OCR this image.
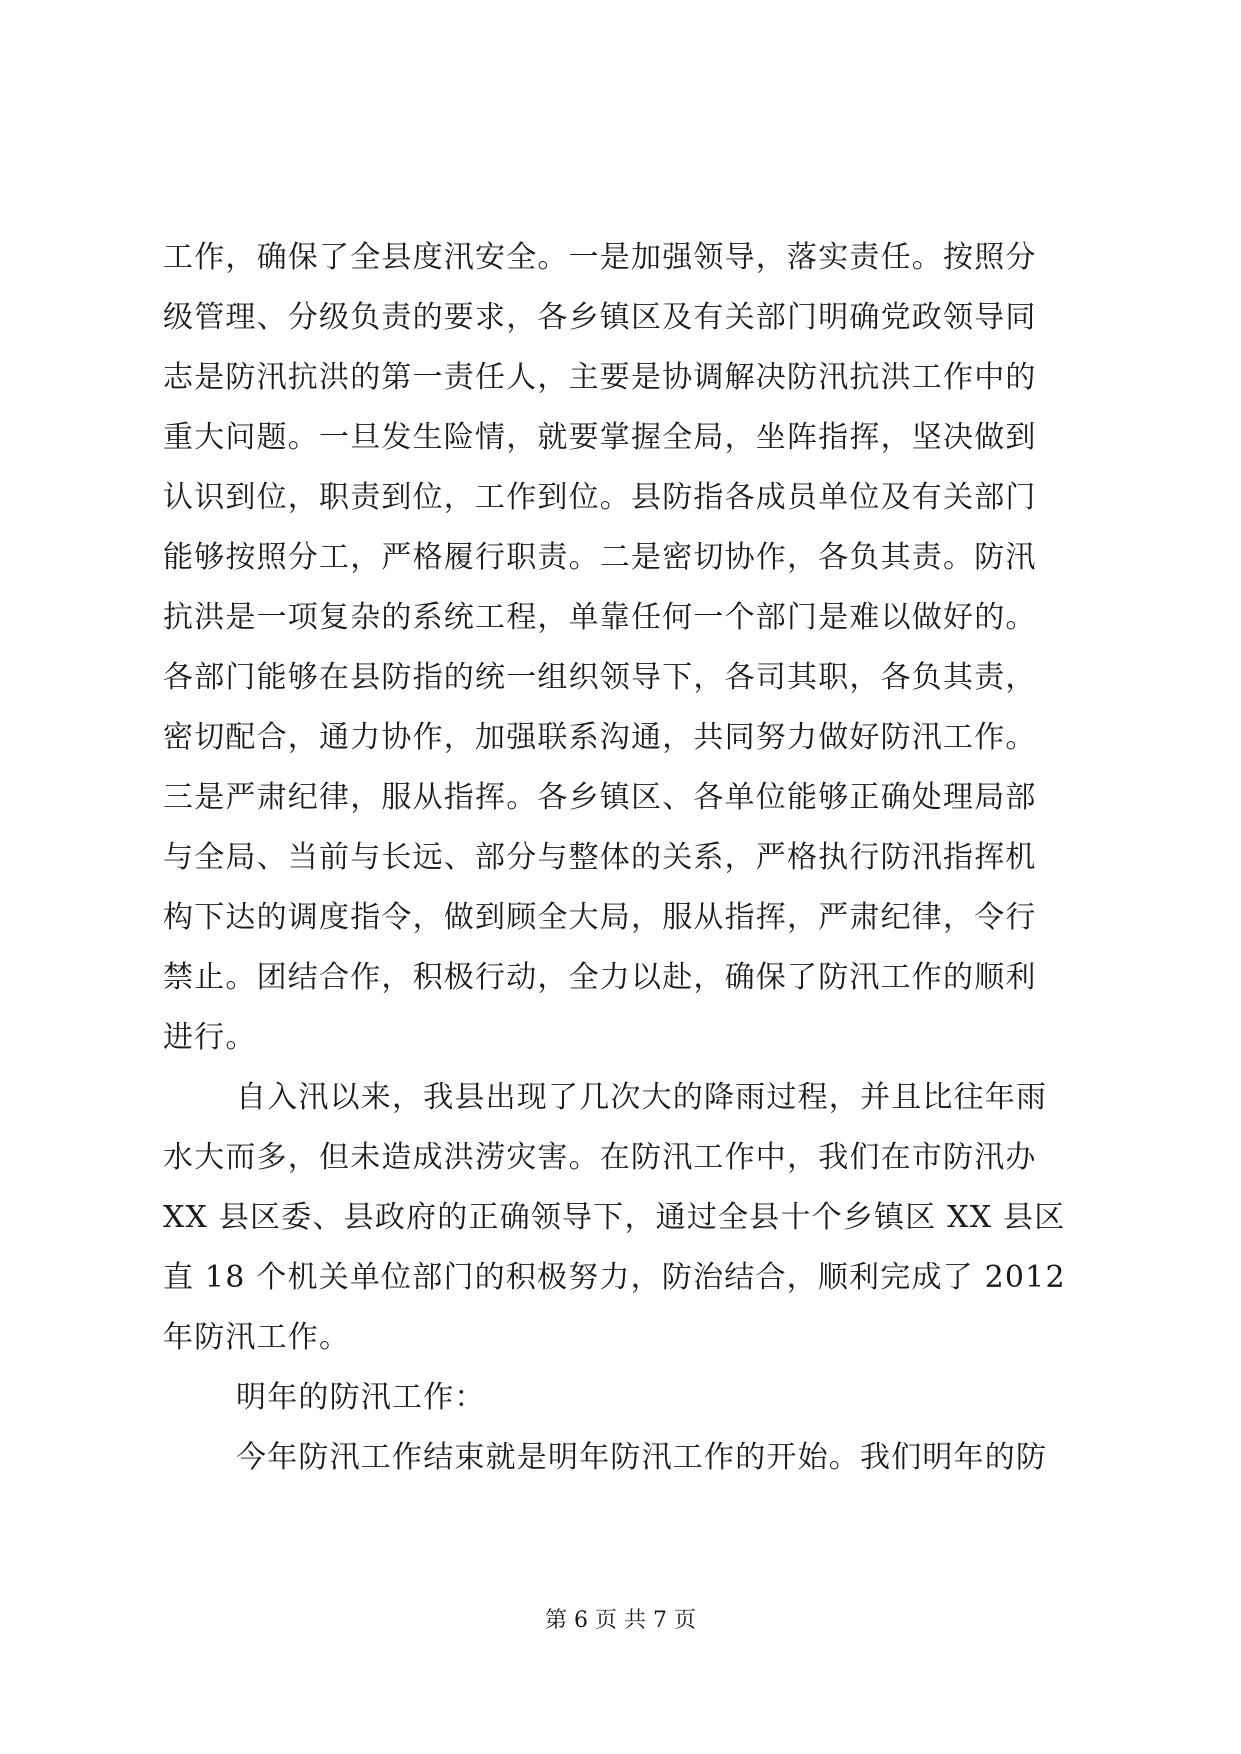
工作，确保了全县度汛安全。一是加强领导，落实责任。按照分
级管理、分级负责的要求，各乡镇区及有关部门明确党政领导同
志是防汛抗洪的第一责任人，主要是协调解决防汛抗洪工作中的
重大问题。一旦发生险情，就要掌握全局，坐阵指挥，坚决做到
认识到位，职责到位，工作到位。县防指各成员单位及有关部门
能够按照分工，严格履行职责。二是密切协作，各负其责。防汛
抗洪是一项复杂的系统工程，单靠任何一个部门是难以做好的。
各部门能够在县防指的统一组织领导下，各司其职，各负其责，
密切配合，通力协作，加强联系沟通，共同努力做好防汛工作。
三是严肃纪律，服从指挥。各乡镇区、各单位能够正确处理局部
与全局、当前与长远、部分与整体的关系，严格执行防汛指挥机
构下达的调度指令，做到顾全大局，服从指挥，严肃纪律，令行
禁止。团结合作，积极行动，全力以赴，确保了防汛工作的顺利
进行。
自入汛以来，我县出现了几次大的降雨过程，并且比往年雨
水大而多，但未造成洪涝灾害。在防汛工作中，我们在市防汛办
XX 县区委、县政府的正确领导下，通过全县十个乡镇区 XX 县区
直 18 个机关单位部门的积极努力，防治结合，顺利完成了 2012
年防汛工作。
明年的防汛工作：
今年防汛工作结束就是明年防汛工作的开始。我们明年的防
第 6 页 共 7 页
